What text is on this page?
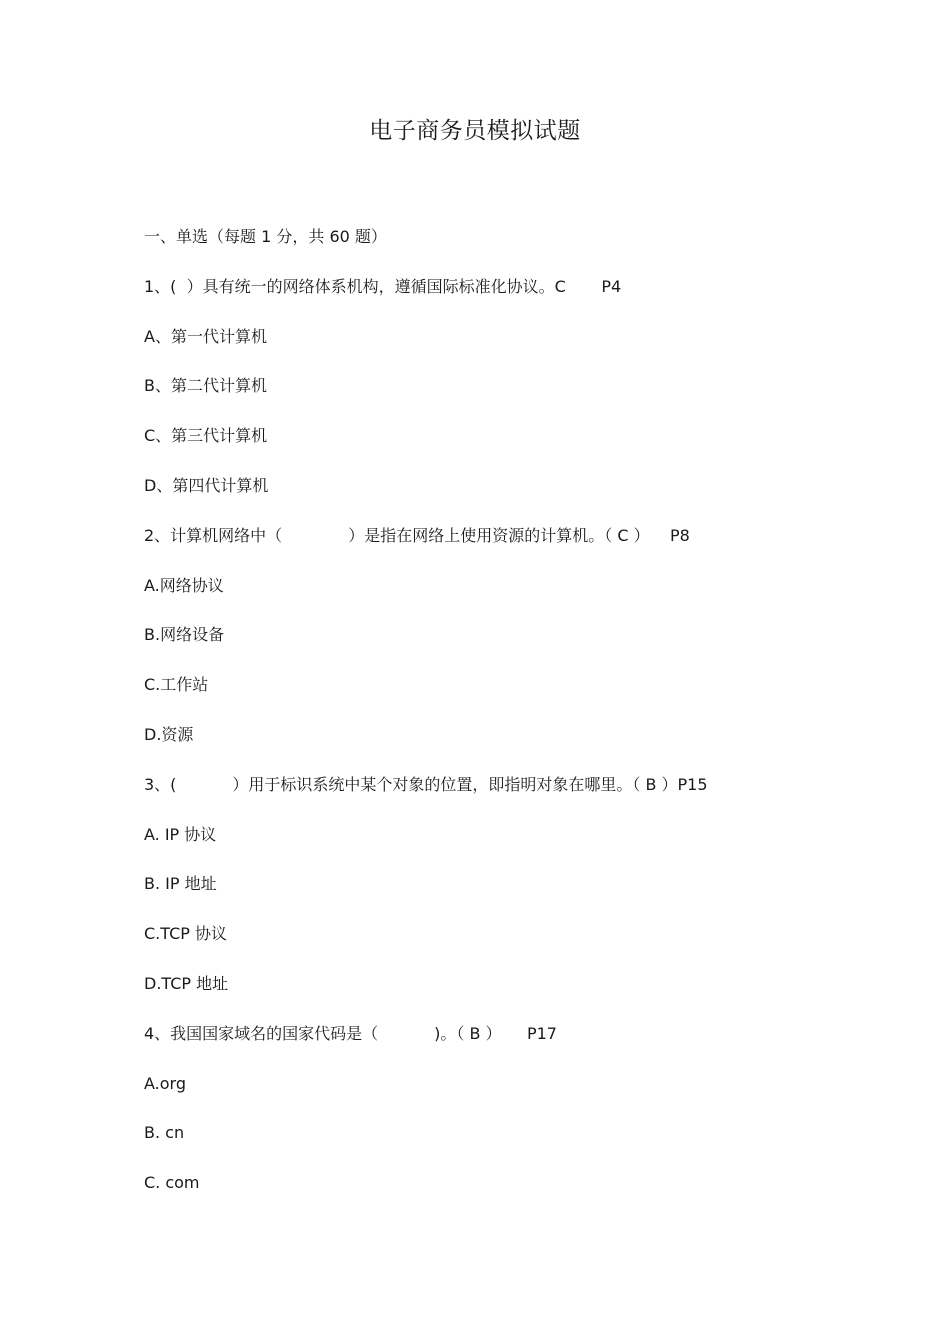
电子商务员模拟试题
一、单选（每题 1 分，共 60 题）
1、(  ）具有统一的网络体系机构，遵循国际标准化协议。C       P4
A、第一代计算机
B、第二代计算机
C、第三代计算机
D、第四代计算机
2、计算机网络中（             ）是指在网络上使用资源的计算机。（ C ）    P8
A.网络协议
B.网络设备
C.工作站
D.资源
3、(           ）用于标识系统中某个对象的位置，即指明对象在哪里。（ B ）P15
A. IP 协议
B. IP 地址
C.TCP 协议
D.TCP 地址
4、我国国家域名的国家代码是（           )。（ B ）     P17
A.org
B. cn
C. com
